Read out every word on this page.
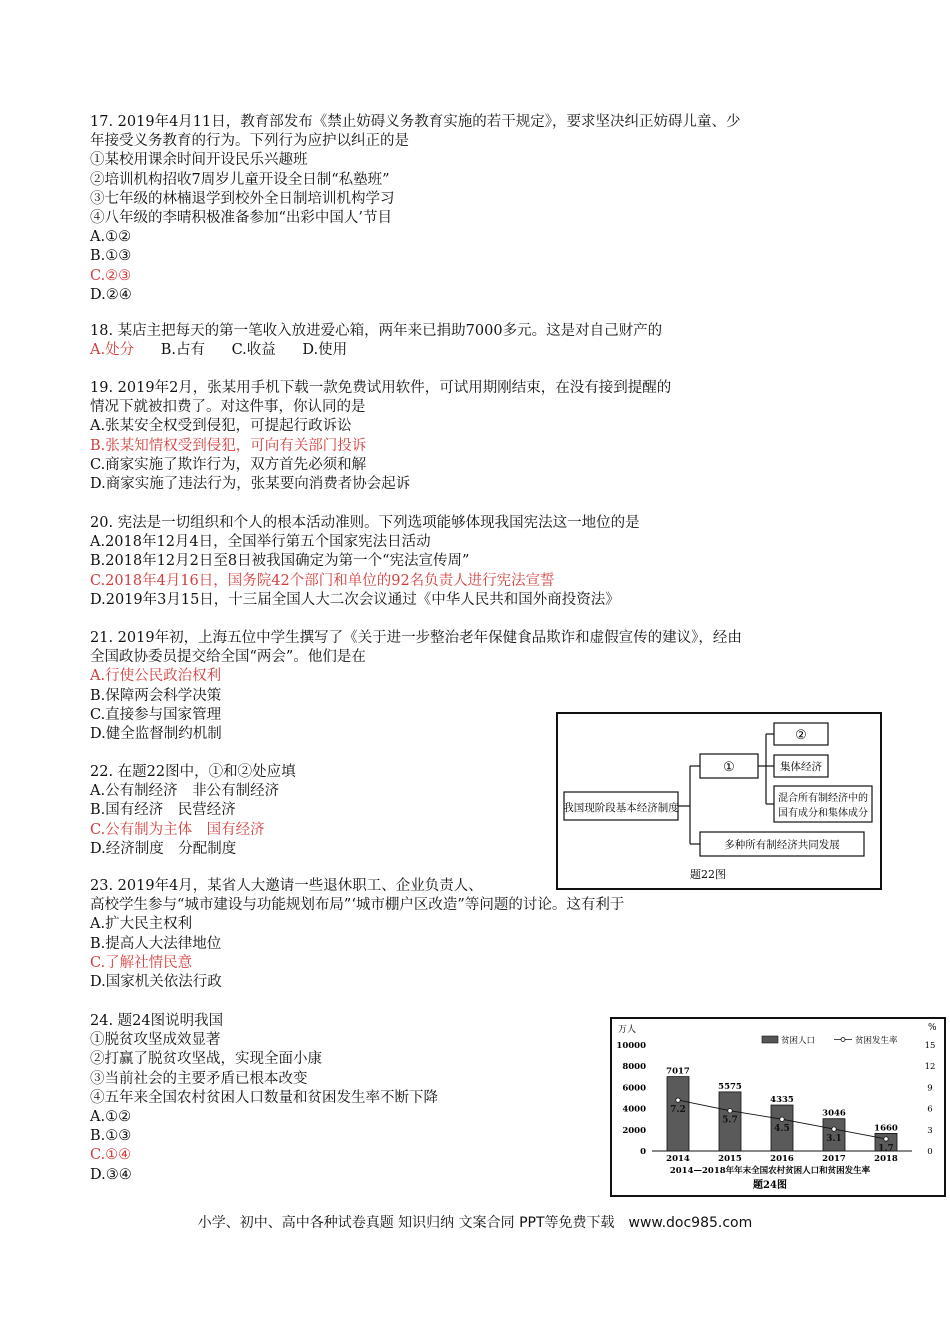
17. 2019年4月11日，教育部发布《禁止妨碍义务教育实施的若干规定》，要求坚决纠正妨碍儿童、少
年接受义务教育的行为。下列行为应护以纠正的是
①某校用课余时间开设民乐兴趣班
②培训机构招收7周岁儿童开设全日制“私塾班”
③七年级的林楠退学到校外全日制培训机构学习
④八年级的李晴积极准备参加“出彩中国人’节目
A.①②
B.①③
C.②③
D.②④
18. 某店主把每天的第一笔收入放进爱心箱，两年来已捐助7000多元。这是对自己财产的
A.处分 B.占有 C.收益 D.使用
19. 2019年2月，张某用手机下载一款免费试用软件，可试用期刚结束，在没有接到提醒的
情况下就被扣费了。对这件事，你认同的是
A.张某安全权受到侵犯，可提起行政诉讼
B.张某知情权受到侵犯，可向有关部门投诉
C.商家实施了欺诈行为，双方首先必须和解
D.商家实施了违法行为，张某要向消费者协会起诉
20. 宪法是一切组织和个人的根本活动准则。下列选项能够体现我国宪法这一地位的是
A.2018年12月4日，全国举行第五个国家宪法日活动
B.2018年12月2日至8日被我国确定为第一个“宪法宣传周”
C.2018年4月16日，国务院42个部门和单位的92名负责人进行宪法宣誓
D.2019年3月15日，十三届全国人大二次会议通过《中华人民共和国外商投资法》
21. 2019年初，上海五位中学生撰写了《关于进一步整治老年保健食品欺诈和虚假宣传的建议》，经由
全国政协委员提交给全国“两会”。他们是在
A.行使公民政治权利
B.保障两会科学决策
C.直接参与国家管理
D.健全监督制约机制
22. 在题22图中，①和②处应填
A.公有制经济　非公有制经济
B.国有经济　民营经济
C.公有制为主体　国有经济
D.经济制度　分配制度
我国现阶段基本经济制度
①
②
集体经济
混合所有制经济中的
国有成分和集体成分
多种所有制经济共同发展
题22图
23. 2019年4月，某省人大邀请一些退休职工、企业负责人、
高校学生参与“城市建设与功能规划布局”‘城市棚户区改造”等问题的讨论。这有利于
A.扩大民主权利
B.提高人大法律地位
C.了解社情民意
D.国家机关依法行政
24. 题24图说明我国
①脱贫攻坚成效显著
②打赢了脱贫攻坚战，实现全面小康
③当前社会的主要矛盾已根本改变
④五年来全国农村贫困人口数量和贫困发生率不断下降
A.①②
B.①③
C.①④
D.③④
万人	%
0
2000
4000
6000
8000
10000
0
3
6
9
12
15
2014	2015	2016	2017	2018
7017
5575
4335
3046
1660
7.2
5.7
4.5
3.1
1.7
贫困人口	贫困发生率
2014—2018年年末全国农村贫困人口和贫困发生率
题24图
小学、初中、高中各种试卷真题 知识归纳 文案合同 PPT等免费下载　www.doc985.com
